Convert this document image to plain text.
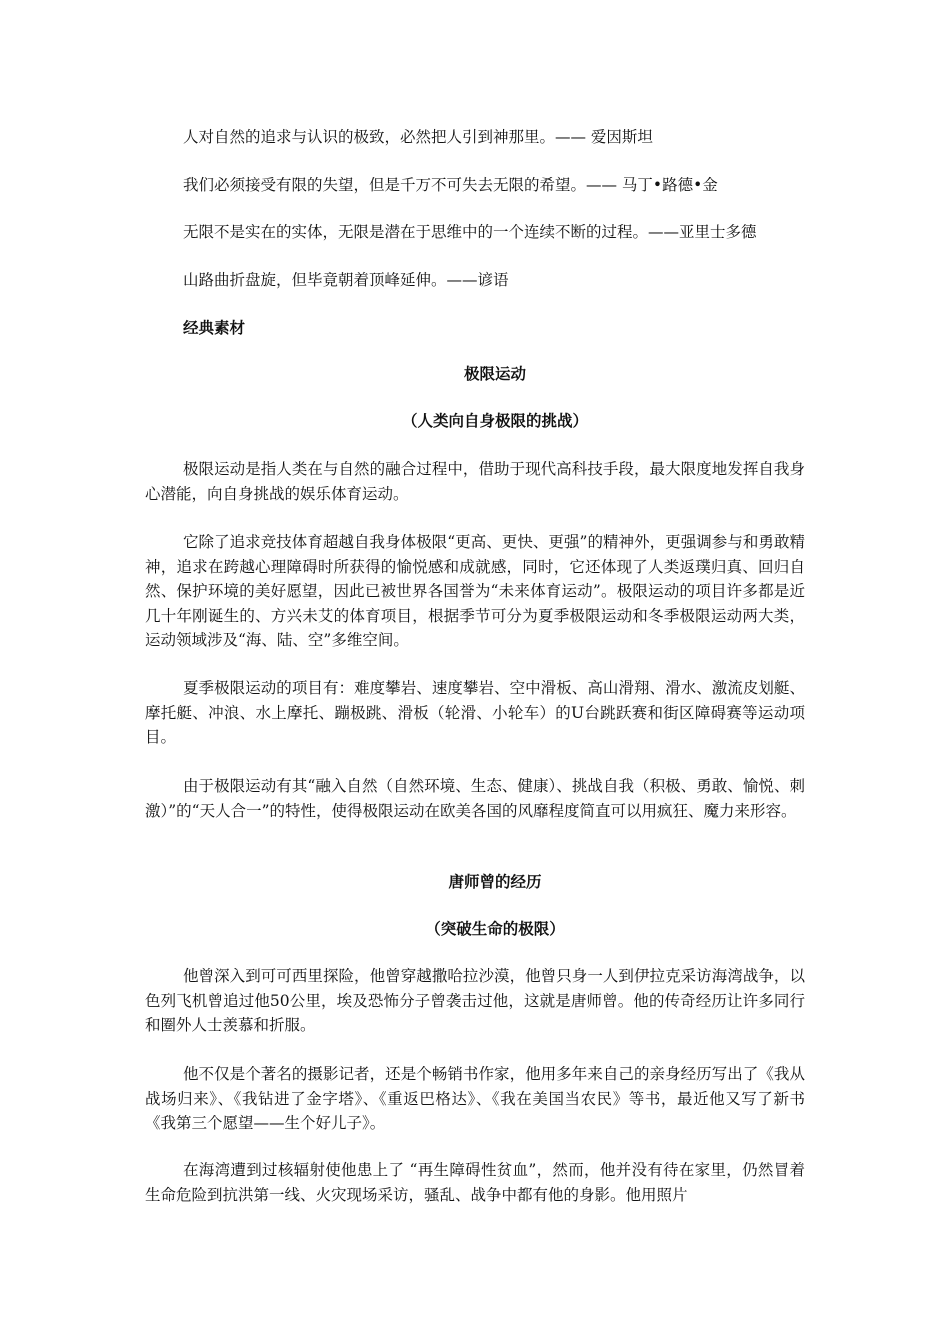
人对自然的追求与认识的极致，必然把人引到神那里。—— 爱因斯坦
我们必须接受有限的失望，但是千万不可失去无限的希望。—— 马丁•路德•金
无限不是实在的实体，无限是潜在于思维中的一个连续不断的过程。——亚里士多德
山路曲折盘旋，但毕竟朝着顶峰延伸。——谚语
经典素材
极限运动
（人类向自身极限的挑战）

极限运动是指人类在与自然的融合过程中，借助于现代高科技手段，最大限度地发挥自我身心潜能，向自身挑战的娱乐体育运动。

它除了追求竞技体育超越自我身体极限“更高、更快、更强”的精神外，更强调参与和勇敢精神，追求在跨越心理障碍时所获得的愉悦感和成就感，同时，它还体现了人类返璞归真、回归自然、保护环境的美好愿望，因此已被世界各国誉为“未来体育运动”。极限运动的项目许多都是近几十年刚诞生的、方兴未艾的体育项目，根据季节可分为夏季极限运动和冬季极限运动两大类，运动领域涉及“海、陆、空”多维空间。

夏季极限运动的项目有：难度攀岩、速度攀岩、空中滑板、高山滑翔、滑水、激流皮划艇、摩托艇、冲浪、水上摩托、蹦极跳、滑板（轮滑、小轮车）的U台跳跃赛和街区障碍赛等运动项目。

由于极限运动有其“融入自然（自然环境、生态、健康）、挑战自我（积极、勇敢、愉悦、刺激）”的“天人合一”的特性，使得极限运动在欧美各国的风靡程度简直可以用疯狂、魔力来形容。

唐师曾的经历
（突破生命的极限）

他曾深入到可可西里探险，他曾穿越撒哈拉沙漠，他曾只身一人到伊拉克采访海湾战争，以色列飞机曾追过他50公里，埃及恐怖分子曾袭击过他，这就是唐师曾。他的传奇经历让许多同行和圈外人士羡慕和折服。

他不仅是个著名的摄影记者，还是个畅销书作家，他用多年来自己的亲身经历写出了《我从战场归来》、《我钻进了金字塔》、《重返巴格达》、《我在美国当农民》等书，最近他又写了新书《我第三个愿望——生个好儿子》。

在海湾遭到过核辐射使他患上了 “再生障碍性贫血”，然而，他并没有待在家里，仍然冒着生命危险到抗洪第一线、火灾现场采访，骚乱、战争中都有他的身影。他用照片
